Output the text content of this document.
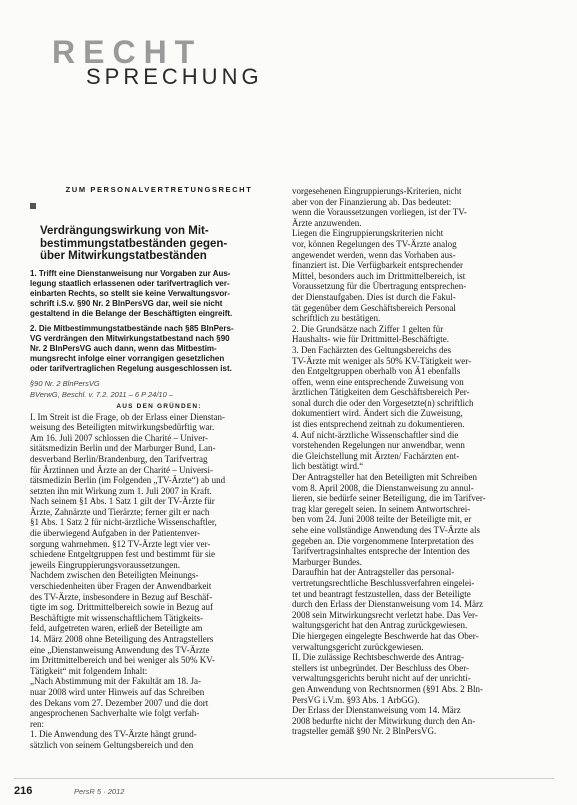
RECHT
SPRECHUNG

ZUM PERSONALVERTRETUNGSRECHT

Verdrängungswirkung von Mit-
bestimmungstatbeständen gegen-
über Mitwirkungstatbeständen

1. Trifft eine Dienstanweisung nur Vorgaben zur Aus-
legung staatlich erlassenen oder tarifvertraglich ver-
einbarten Rechts, so stellt sie keine Verwaltungsvor-
schrift i.S.v. §90 Nr. 2 BlnPersVG dar, weil sie nicht
gestaltend in die Belange der Beschäftigten eingreift.

2. Die Mitbestimmungstatbestände nach §85 BlnPers-
VG verdrängen den Mitwirkungstatbestand nach §90
Nr. 2 BlnPersVG auch dann, wenn das Mitbestim-
mungsrecht infolge einer vorrangigen gesetzlichen
oder tarifvertraglichen Regelung ausgeschlossen ist.

§90 Nr. 2 BlnPersVG

BVerwG, Beschl. v. 7.2. 2011 – 6 P 24/10 –

AUS DEN GRÜNDEN:

I. Im Streit ist die Frage, ob der Erlass einer Dienstan-
weisung des Beteiligten mitwirkungsbedürftig war.

Am 16. Juli 2007 schlossen die Charité – Univer-
sitätsmedizin Berlin und der Marburger Bund, Lan-
desverband Berlin/Brandenburg, den Tarifvertrag
für Ärztinnen und Ärzte an der Charité – Universi-
tätsmedizin Berlin (im Folgenden „TV-Ärzte“) ab und
setzten ihn mit Wirkung zum 1. Juli 2007 in Kraft.
Nach seinem §1 Abs. 1 Satz 1 gilt der TV-Ärzte für
Ärzte, Zahnärzte und Tierärzte; ferner gilt er nach
§1 Abs. 1 Satz 2 für nicht-ärztliche Wissenschaftler,
die überwiegend Aufgaben in der Patientenver-
sorgung wahrnehmen. §12 TV-Ärzte legt vier ver-
schiedene Entgeltgruppen fest und bestimmt für sie
jeweils Eingruppierungsvoraussetzungen.

Nachdem zwischen den Beteiligten Meinungs-
verschiedenheiten über Fragen der Anwendbarkeit
des TV-Ärzte, insbesondere in Bezug auf Beschäf-
tigte im sog. Drittmittelbereich sowie in Bezug auf
Beschäftigte mit wissenschaftlichem Tätigkeits-
feld, aufgetreten waren, erließ der Beteiligte am
14. März 2008 ohne Beteiligung des Antragstellers
eine „Dienstanweisung Anwendung des TV-Ärzte
im Drittmittelbereich und bei weniger als 50% KV-
Tätigkeit“ mit folgendem Inhalt:

„Nach Abstimmung mit der Fakultät am 18. Ja-
nuar 2008 wird unter Hinweis auf das Schreiben
des Dekans vom 27. Dezember 2007 und die dort
angesprochenen Sachverhalte wie folgt verfah-
ren:

1. Die Anwendung des TV-Ärzte hängt grund-
sätzlich von seinem Geltungsbereich und den

vorgesehenen Eingruppierungs-Kriterien, nicht
aber von der Finanzierung ab. Das bedeutet:
wenn die Voraussetzungen vorliegen, ist der TV-
Ärzte anzuwenden.

Liegen die Eingruppierungskriterien nicht
vor, können Regelungen des TV-Ärzte analog
angewendet werden, wenn das Vorhaben aus-
finanziert ist. Die Verfügbarkeit entsprechender
Mittel, besonders auch im Drittmittelbereich, ist
Voraussetzung für die Übertragung entsprechen-
der Dienstaufgaben. Dies ist durch die Fakul-
tät gegenüber dem Geschäftsbereich Personal
schriftlich zu bestätigen.

2. Die Grundsätze nach Ziffer 1 gelten für
Haushalts- wie für Drittmittel-Beschäftigte.

3. Den Fachärzten des Geltungsbereichs des
TV-Ärzte mit weniger als 50% KV-Tätigkeit wer-
den Entgeltgruppen oberhalb von Ä1 ebenfalls
offen, wenn eine entsprechende Zuweisung von
ärztlichen Tätigkeiten dem Geschäftsbereich Per-
sonal durch die oder den Vorgesetzte(n) schriftlich
dokumentiert wird. Ändert sich die Zuweisung,
ist dies entsprechend zeitnah zu dokumentieren.

4. Auf nicht-ärztliche Wissenschaftler sind die
vorstehenden Regelungen nur anwendbar, wenn
die Gleichstellung mit Ärzten/ Fachärzten ent-
lich bestätigt wird.“

Der Antragsteller hat den Beteiligten mit Schreiben
vom 8. April 2008, die Dienstanweisung zu annul-
lieren, sie bedürfe seiner Beteiligung, die im Tarifver-
trag klar geregelt seien. In seinem Antwortschrei-
ben vom 24. Juni 2008 teilte der Beteiligte mit, er
sehe eine vollständige Anwendung des TV-Ärzte als
gegeben an. Die vorgenommene Interpretation des
Tarifvertragsinhaltes entspreche der Intention des
Marburger Bundes.

Daraufhin hat der Antragsteller das personal-
vertretungsrechtliche Beschlussverfahren eingelei-
tet und beantragt festzustellen, dass der Beteiligte
durch den Erlass der Dienstanweisung vom 14. März
2008 sein Mitwirkungsrecht verletzt habe. Das Ver-
waltungsgericht hat den Antrag zurückgewiesen.
Die hiergegen eingelegte Beschwerde hat das Ober-
verwaltungsgericht zurückgewiesen.

II. Die zulässige Rechtsbeschwerde des Antrag-
stellers ist unbegründet. Der Beschluss des Ober-
verwaltungsgerichts beruht nicht auf der unrichti-
gen Anwendung von Rechtsnormen (§91 Abs. 2 Bln-
PersVG i.V.m. §93 Abs. 1 ArbGG).

Der Erlass der Dienstanweisung vom 14. März
2008 bedurfte nicht der Mitwirkung durch den An-
tragsteller gemäß §90 Nr. 2 BlnPersVG.

216	PersR 5 · 2012
